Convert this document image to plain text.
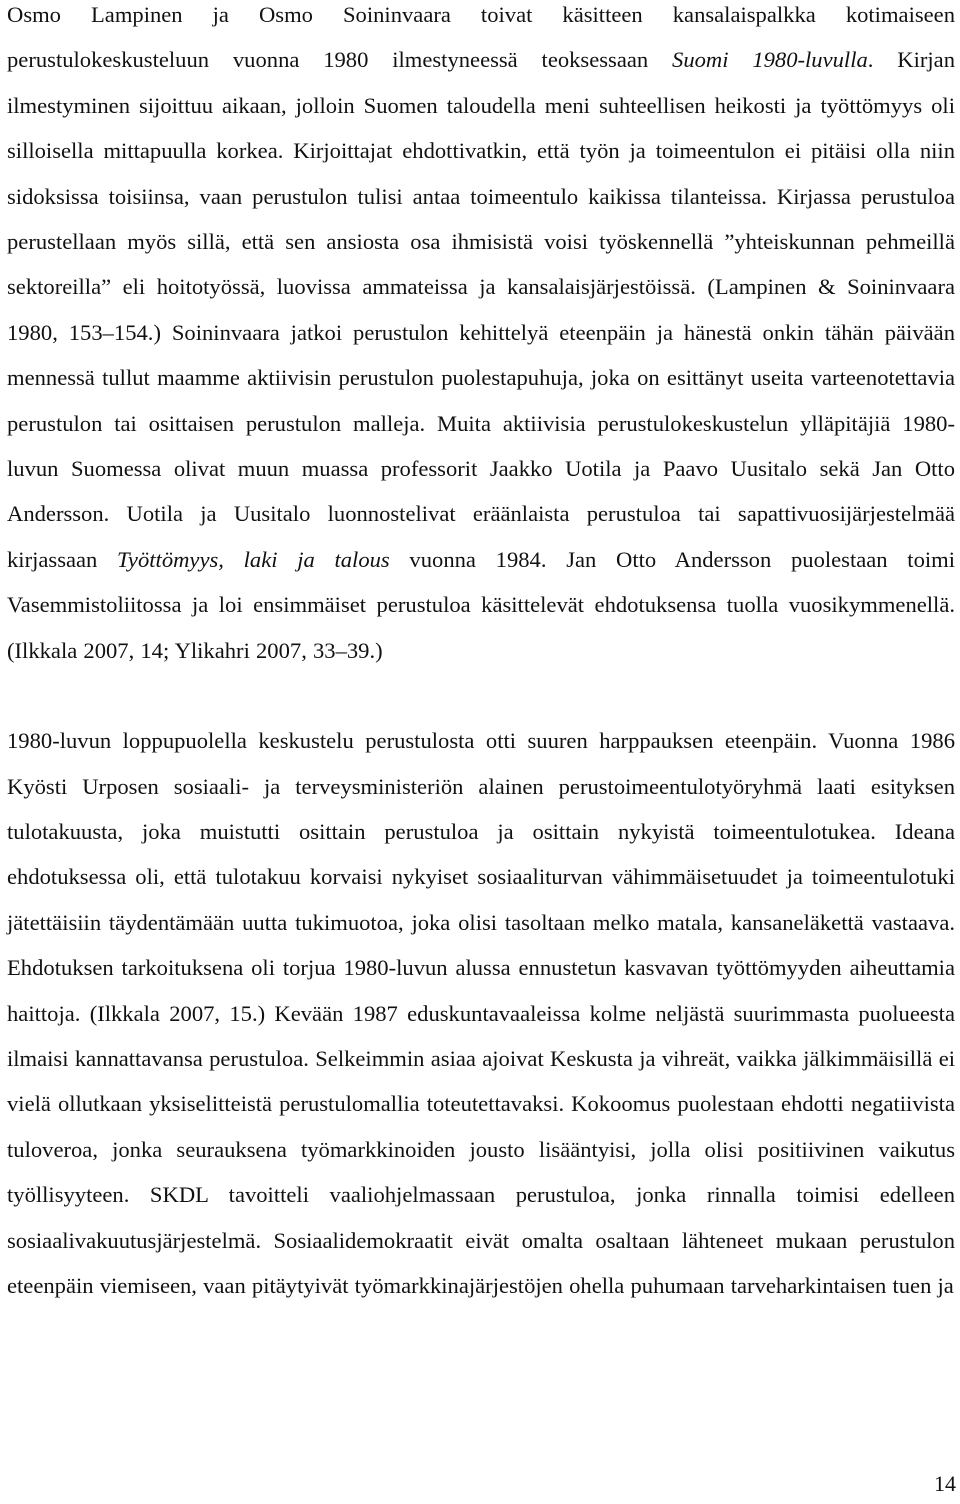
Osmo Lampinen ja Osmo Soininvaara toivat käsitteen kansalaispalkka kotimaiseen perustulokeskusteluun vuonna 1980 ilmestyneessä teoksessaan Suomi 1980-luvulla. Kirjan ilmestyminen sijoittuu aikaan, jolloin Suomen taloudella meni suhteellisen heikosti ja työttömyys oli silloisella mittapuulla korkea. Kirjoittajat ehdottivatkin, että työn ja toimeentulon ei pitäisi olla niin sidoksissa toisiinsa, vaan perustulon tulisi antaa toimeentulo kaikissa tilanteissa. Kirjassa perustuloa perustellaan myös sillä, että sen ansiosta osa ihmisistä voisi työskennellä ”yhteiskunnan pehmeillä sektoreilla” eli hoitotyössä, luovissa ammateissa ja kansalaisjärjestöissä. (Lampinen & Soininvaara 1980, 153–154.) Soininvaara jatkoi perustulon kehittelyä eteenpäin ja hänestä onkin tähän päivään mennessä tullut maamme aktiivisin perustulon puolestapuhuja, joka on esittänyt useita varteenotettavia perustulon tai osittaisen perustulon malleja. Muita aktiivisia perustulokeskustelun ylläpitäjiä 1980-luvun Suomessa olivat muun muassa professorit Jaakko Uotila ja Paavo Uusitalo sekä Jan Otto Andersson. Uotila ja Uusitalo luonnostelivat eräänlaista perustuloa tai sapattivuosijärjestelmää kirjassaan Työttömyys, laki ja talous vuonna 1984. Jan Otto Andersson puolestaan toimi Vasemmistoliitossa ja loi ensimmäiset perustuloa käsittelevät ehdotuksensa tuolla vuosikymmenellä. (Ilkkala 2007, 14; Ylikahri 2007, 33–39.)

1980-luvun loppupuolella keskustelu perustulosta otti suuren harppauksen eteenpäin. Vuonna 1986 Kyösti Urposen sosiaali- ja terveysministeriön alainen perustoimeentulotyöryhmä laati esityksen tulotakuusta, joka muistutti osittain perustuloa ja osittain nykyistä toimeentulotukea. Ideana ehdotuksessa oli, että tulotakuu korvaisi nykyiset sosiaaliturvan vähimmäisetuudet ja toimeentulotuki jätettäisiin täydentämään uutta tukimuotoa, joka olisi tasoltaan melko matala, kansaneläkettä vastaava. Ehdotuksen tarkoituksena oli torjua 1980-luvun alussa ennustetun kasvavan työttömyyden aiheuttamia haittoja. (Ilkkala 2007, 15.) Kevään 1987 eduskuntavaaleissa kolme neljästä suurimmasta puolueesta ilmaisi kannattavansa perustuloa. Selkeimmin asiaa ajoivat Keskusta ja vihreät, vaikka jälkimmäisillä ei vielä ollutkaan yksiselitteistä perustulomallia toteutettavaksi. Kokoomus puolestaan ehdotti negatiivista tuloveroa, jonka seurauksena työmarkkinoiden jousto lisääntyisi, jolla olisi positiivinen vaikutus työllisyyteen. SKDL tavoitteli vaaliohjelmassaan perustuloa, jonka rinnalla toimisi edelleen sosiaalivakuutusjärjestelmä. Sosiaalidemokraatit eivät omalta osaltaan lähteneet mukaan perustulon eteenpäin viemiseen, vaan pitäytyivät työmarkkinajärjestöjen ohella puhumaan tarveharkintaisen tuen ja

14
